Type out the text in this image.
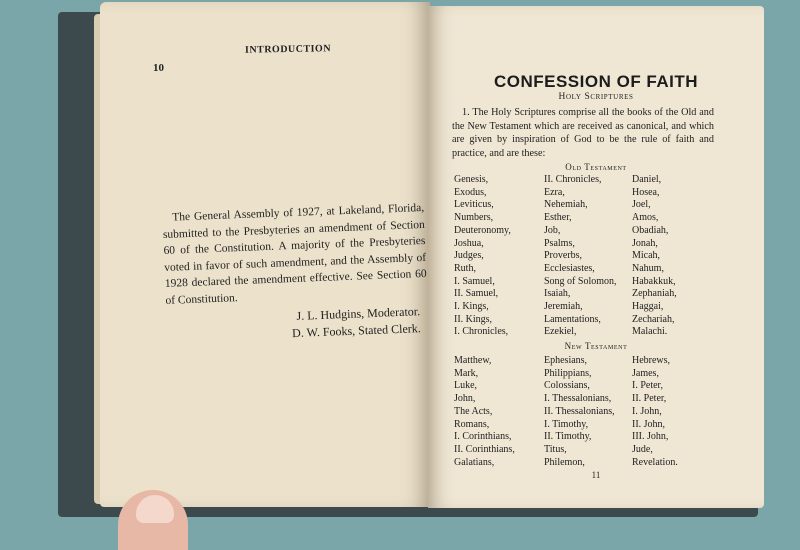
10
INTRODUCTION

The General Assembly of 1927, at Lakeland, Florida, submitted to the Presbyteries an amendment of Section 60 of the Constitution. A majority of the Presbyteries voted in favor of such amendment, and the Assembly of 1928 declared the amendment effective. See Section 60 of Constitution.

J. L. Hudgins, Moderator.
D. W. Fooks, Stated Clerk.
CONFESSION OF FAITH
Holy Scriptures

1. The Holy Scriptures comprise all the books of the Old and the New Testament which are received as canonical, and which are given by inspiration of God to be the rule of faith and practice, and are these:

Old Testament
Genesis,
Exodus,
Leviticus,
Numbers,
Deuteronomy,
Joshua,
Judges,
Ruth,
I. Samuel,
II. Samuel,
I. Kings,
II. Kings,
I. Chronicles,
II. Chronicles,
Ezra,
Nehemiah,
Esther,
Job,
Psalms,
Proverbs,
Ecclesiastes,
Song of Solomon,
Isaiah,
Jeremiah,
Lamentations,
Ezekiel,
Daniel,
Hosea,
Joel,
Amos,
Obadiah,
Jonah,
Micah,
Nahum,
Habakkuk,
Zephaniah,
Haggai,
Zechariah,
Malachi.
New Testament
Matthew,
Mark,
Luke,
John,
The Acts,
Romans,
I. Corinthians,
II. Corinthians,
Galatians,
Ephesians,
Philippians,
Colossians,
I. Thessalonians,
II. Thessalonians,
I. Timothy,
II. Timothy,
Titus,
Philemon,
Hebrews,
James,
I. Peter,
II. Peter,
I. John,
II. John,
III. John,
Jude,
Revelation.
11
